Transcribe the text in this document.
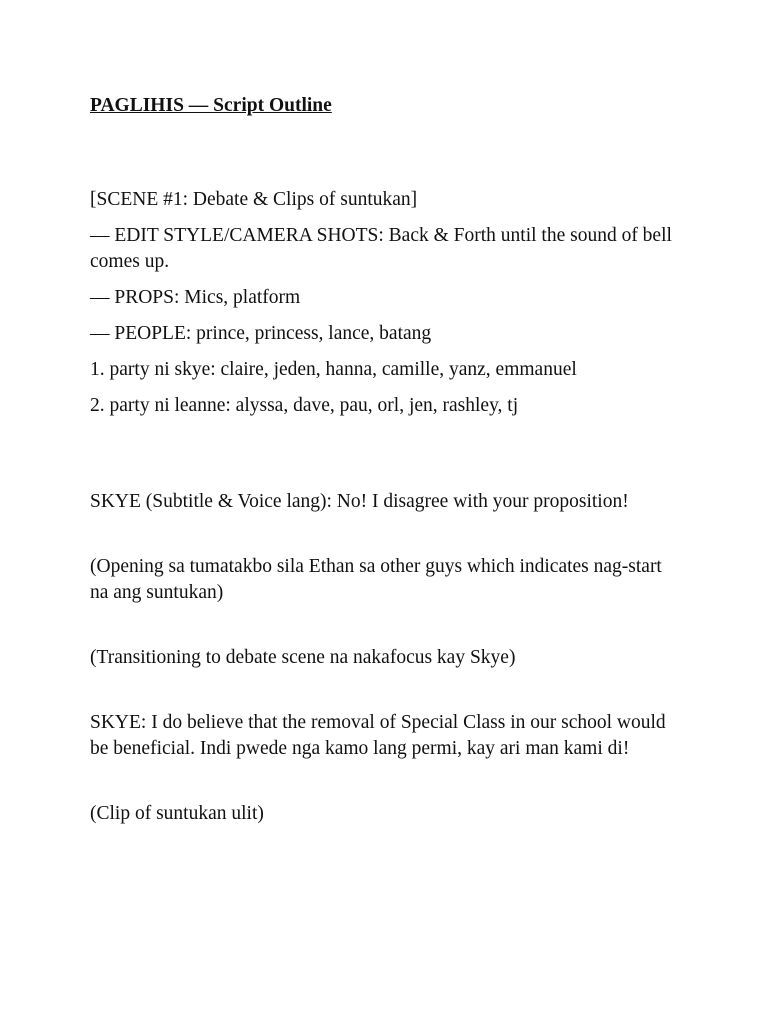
PAGLIHIS — Script Outline

[SCENE #1: Debate & Clips of suntukan]

— EDIT STYLE/CAMERA SHOTS: Back & Forth until the sound of bell comes up.

— PROPS: Mics, platform

— PEOPLE: prince, princess, lance, batang

1. party ni skye: claire, jeden, hanna, camille, yanz, emmanuel

2. party ni leanne: alyssa, dave, pau, orl, jen, rashley, tj

SKYE (Subtitle & Voice lang): No! I disagree with your proposition!

(Opening sa tumatakbo sila Ethan sa other guys which indicates nag-start na ang suntukan)

(Transitioning to debate scene na nakafocus kay Skye)

SKYE: I do believe that the removal of Special Class in our school would be beneficial. Indi pwede nga kamo lang permi, kay ari man kami di!

(Clip of suntukan ulit)
